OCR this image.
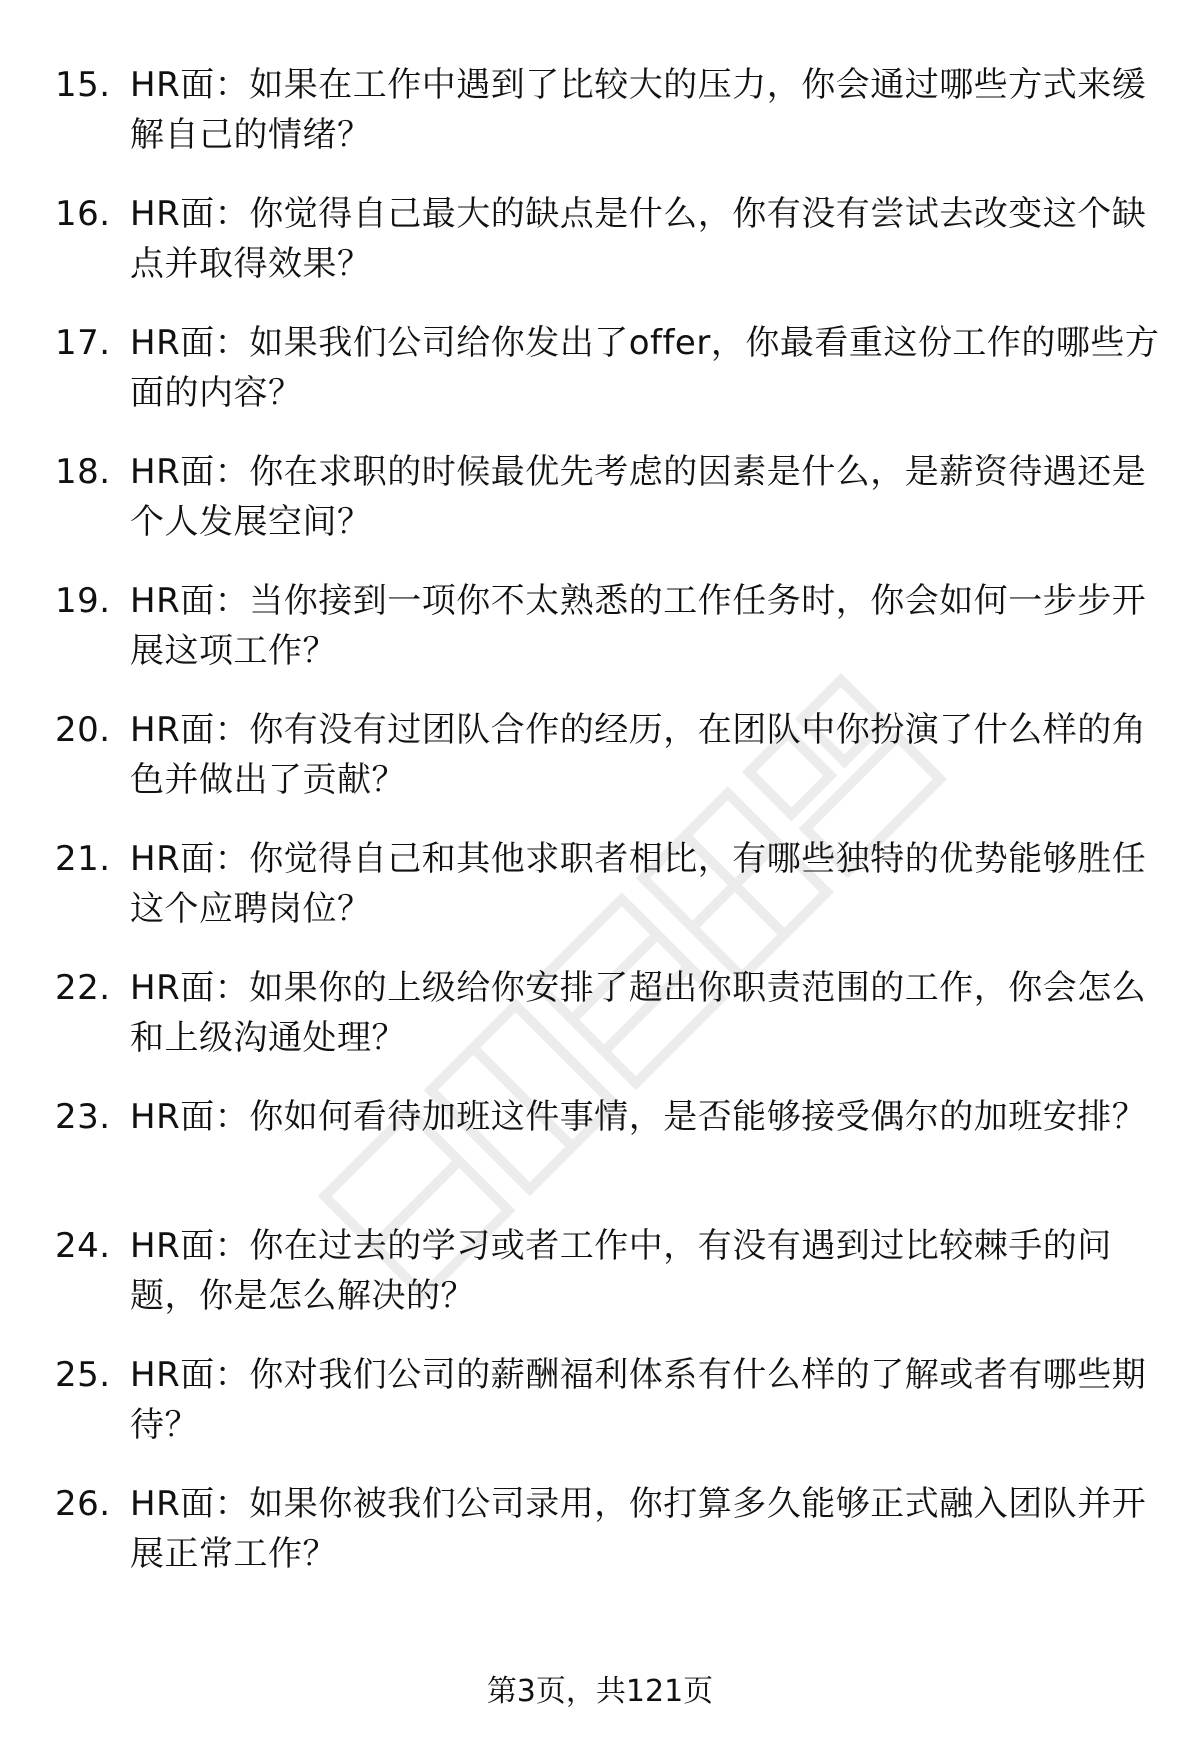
15. HR面：如果在工作中遇到了比较大的压力，你会通过哪些方式来缓解自己的情绪？
16. HR面：你觉得自己最大的缺点是什么，你有没有尝试去改变这个缺点并取得效果？
17. HR面：如果我们公司给你发出了offer，你最看重这份工作的哪些方面的内容？
18. HR面：你在求职的时候最优先考虑的因素是什么，是薪资待遇还是个人发展空间？
19. HR面：当你接到一项你不太熟悉的工作任务时，你会如何一步步开展这项工作？
20. HR面：你有没有过团队合作的经历，在团队中你扮演了什么样的角色并做出了贡献？
21. HR面：你觉得自己和其他求职者相比，有哪些独特的优势能够胜任这个应聘岗位？
22. HR面：如果你的上级给你安排了超出你职责范围的工作，你会怎么和上级沟通处理？
23. HR面：你如何看待加班这件事情，是否能够接受偶尔的加班安排？
24. HR面：你在过去的学习或者工作中，有没有遇到过比较棘手的问题，你是怎么解决的？
25. HR面：你对我们公司的薪酬福利体系有什么样的了解或者有哪些期待？
26. HR面：如果你被我们公司录用，你打算多久能够正式融入团队并开展正常工作？
第3页，共121页
